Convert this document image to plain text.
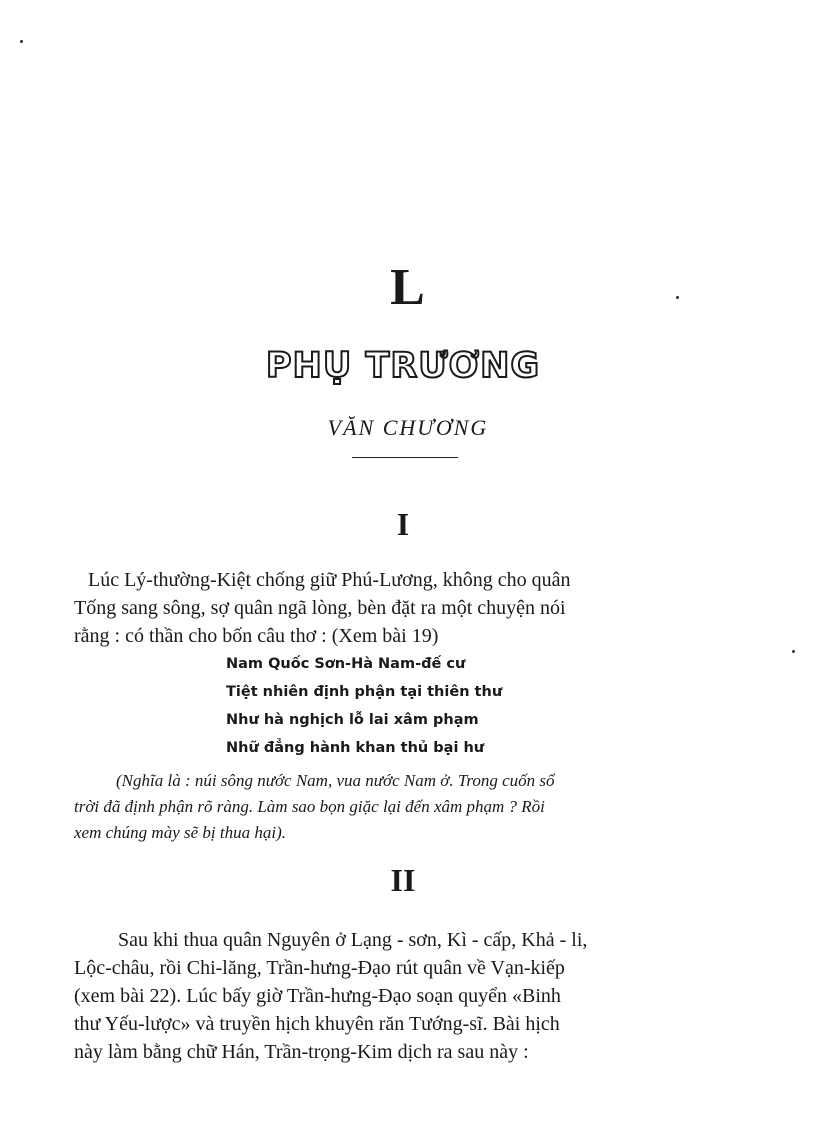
L
PHỤ TRƯƠNG
VĂN CHƯƠNG
I

Lúc Lý-thường-Kiệt chống giữ Phú-Lương, không cho quân

Tống sang sông, sợ quân ngã lòng, bèn đặt ra một chuyện nói

rằng : có thần cho bốn câu thơ : (Xem bài 19)

Nam Quốc Sơn-Hà Nam-đế cư
Tiệt nhiên định phận tại thiên thư
Như hà nghịch lỗ lai xâm phạm
Nhữ đẳng hành khan thủ bại hư

(Nghĩa là : núi sông nước Nam, vua nước Nam ở. Trong cuốn sổ

trời đã định phận rõ ràng. Làm sao bọn giặc lại đến xâm phạm ? Rồi

xem chúng mày sẽ bị thua hại).

II

Sau khi thua quân Nguyên ở Lạng - sơn, Kì - cấp, Khả - li,

Lộc-châu, rồi Chi-lăng, Trần-hưng-Đạo rút quân về Vạn-kiếp

(xem bài 22). Lúc bấy giờ Trần-hưng-Đạo soạn quyển «Binh

thư Yếu-lược» và truyền hịch khuyên răn Tướng-sĩ. Bài hịch

này làm bằng chữ Hán, Trần-trọng-Kim dịch ra sau này :
